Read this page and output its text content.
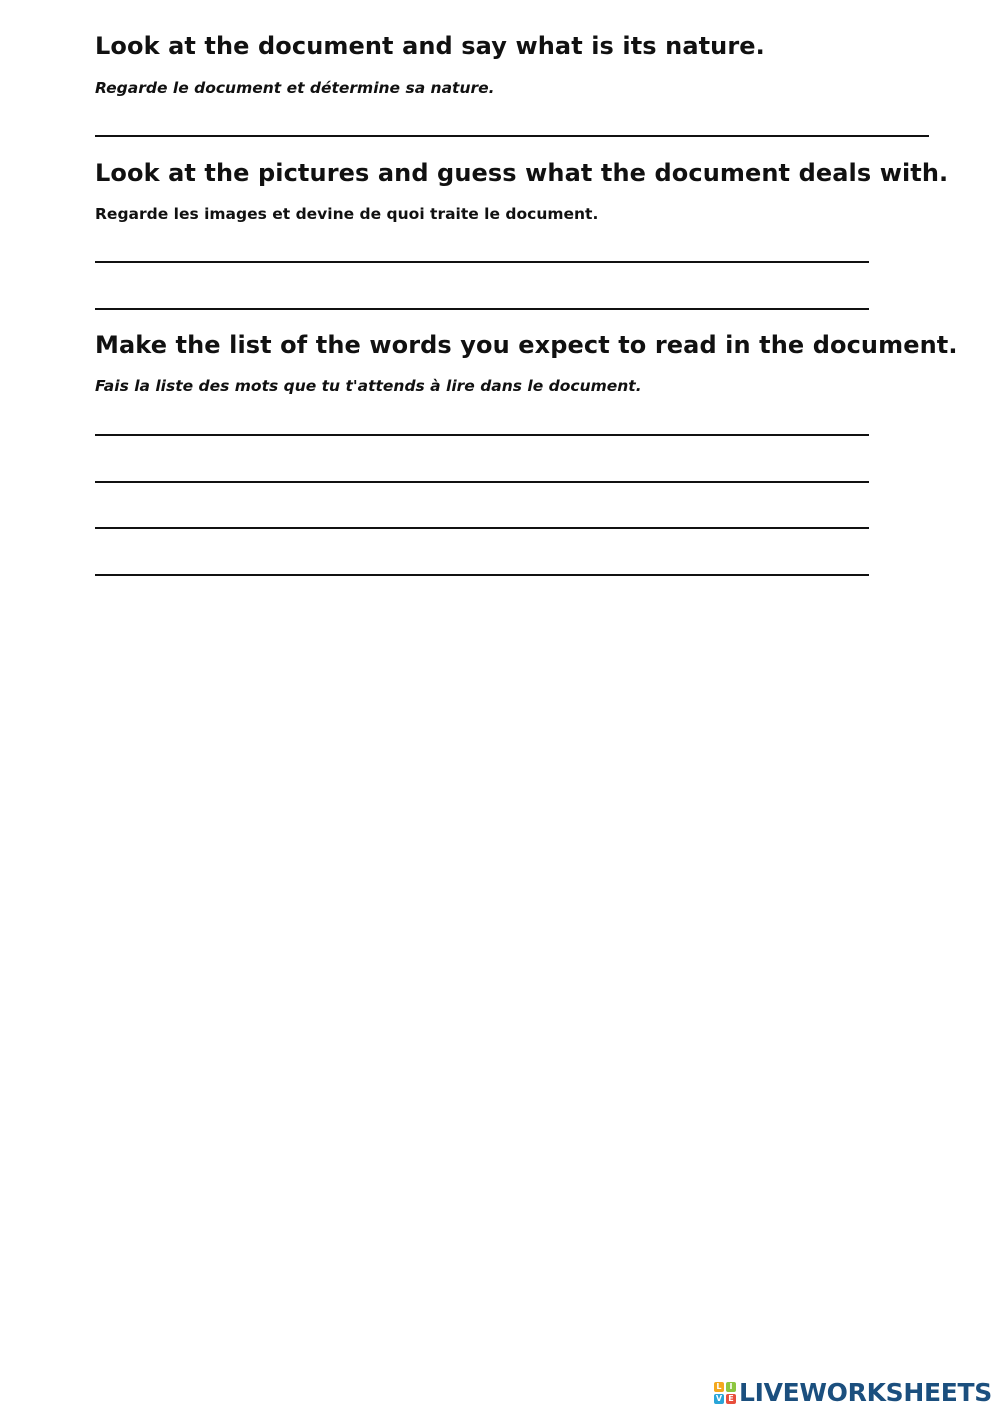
Look at the document and say what is its nature.

Regarde le document et détermine sa nature.

Look at the pictures and guess what the document deals with.

Regarde les images et devine de quoi traite le document.

Make the list of the words you expect to read in the document.

Fais la liste des mots que tu t'attends à lire dans le document.

L I
V E LIVEWORKSHEETS
